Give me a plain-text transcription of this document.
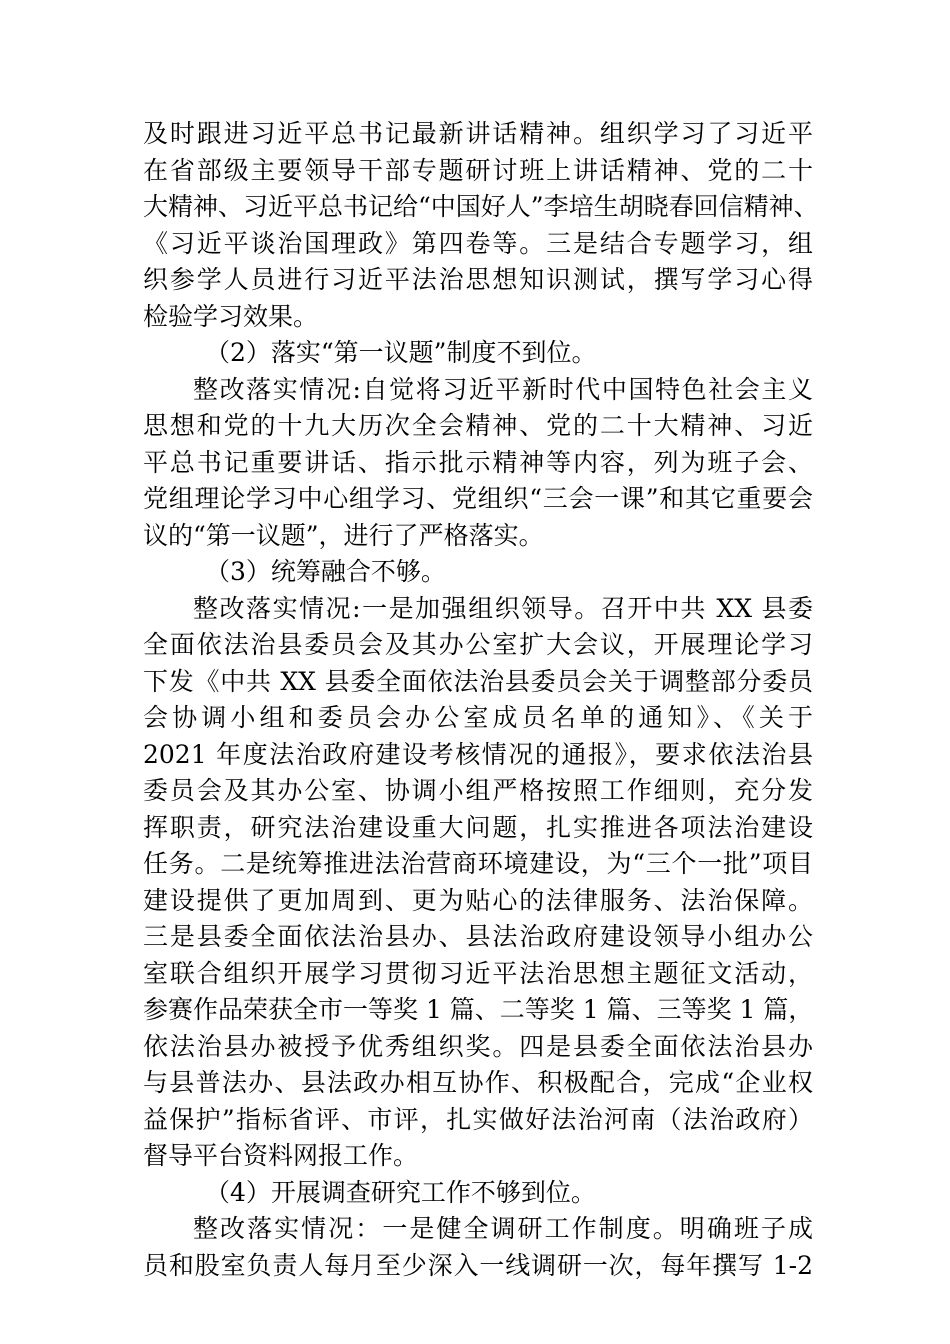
及时跟进习近平总书记最新讲话精神。组织学习了习近平
在省部级主要领导干部专题研讨班上讲话精神、党的二十
大精神、习近平总书记给“中国好人”李培生胡晓春回信精神、
《习近平谈治国理政》第四卷等。三是结合专题学习，组
织参学人员进行习近平法治思想知识测试，撰写学习心得
检验学习效果。
（2）落实“第一议题”制度不到位。
整改落实情况:自觉将习近平新时代中国特色社会主义
思想和党的十九大历次全会精神、党的二十大精神、习近
平总书记重要讲话、指示批示精神等内容，列为班子会、
党组理论学习中心组学习、党组织“三会一课”和其它重要会
议的“第一议题”，进行了严格落实。
（3）统筹融合不够。
整改落实情况:一是加强组织领导。召开中共 XX 县委
全面依法治县委员会及其办公室扩大会议，开展理论学习
下发《中共 XX 县委全面依法治县委员会关于调整部分委员
会协调小组和委员会办公室成员名单的通知》、《关于
2021 年度法治政府建设考核情况的通报》，要求依法治县
委员会及其办公室、协调小组严格按照工作细则，充分发
挥职责，研究法治建设重大问题，扎实推进各项法治建设
任务。二是统筹推进法治营商环境建设，为“三个一批”项目
建设提供了更加周到、更为贴心的法律服务、法治保障。
三是县委全面依法治县办、县法治政府建设领导小组办公
室联合组织开展学习贯彻习近平法治思想主题征文活动，
参赛作品荣获全市一等奖 1 篇、二等奖 1 篇、三等奖 1 篇，
依法治县办被授予优秀组织奖。四是县委全面依法治县办
与县普法办、县法政办相互协作、积极配合，完成“企业权
益保护”指标省评、市评，扎实做好法治河南（法治政府）
督导平台资料网报工作。
（4）开展调查研究工作不够到位。
整改落实情况：一是健全调研工作制度。明确班子成
员和股室负责人每月至少深入一线调研一次，每年撰写 1-2
